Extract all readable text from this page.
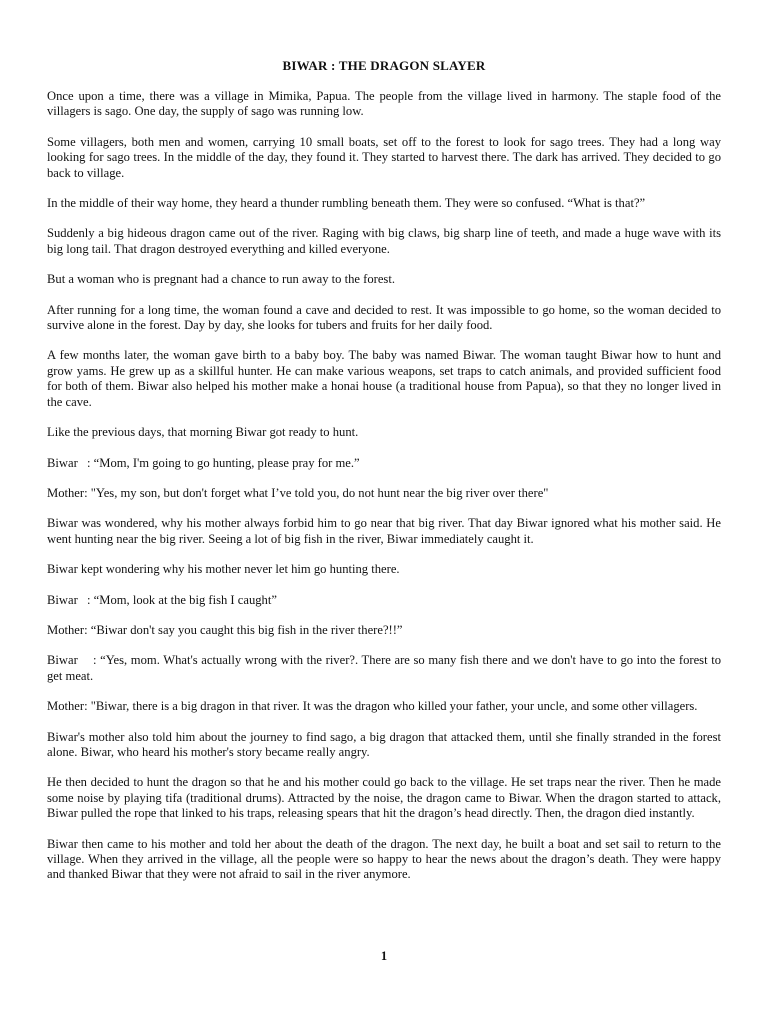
BIWAR : THE DRAGON SLAYER

Once upon a time, there was a village in Mimika, Papua. The people from the village lived in harmony. The staple food of the villagers is sago. One day, the supply of sago was running low.

Some villagers, both men and women, carrying 10 small boats, set off to the forest to look for sago trees. They had a long way looking for sago trees. In the middle of the day, they found it. They started to harvest there. The dark has arrived. They decided to go back to village.

In the middle of their way home, they heard a thunder rumbling beneath them. They were so confused. “What is that?”

Suddenly a big hideous dragon came out of the river. Raging with big claws, big sharp line of teeth, and made a huge wave with its big long tail. That dragon destroyed everything and killed everyone.

But a woman who is pregnant had a chance to run away to the forest.

After running for a long time, the woman found a cave and decided to rest. It was impossible to go home, so the woman decided to survive alone in the forest. Day by day, she looks for tubers and fruits for her daily food.

A few months later, the woman gave birth to a baby boy. The baby was named Biwar. The woman taught Biwar how to hunt and grow yams. He grew up as a skillful hunter. He can make various weapons, set traps to catch animals, and provided sufficient food for both of them. Biwar also helped his mother make a honai house (a traditional house from Papua), so that they no longer lived in the cave.

Like the previous days, that morning Biwar got ready to hunt.

Biwar : “Mom, I'm going to go hunting, please pray for me.”

Mother: "Yes, my son, but don't forget what I’ve told you, do not hunt near the big river over there"

Biwar was wondered, why his mother always forbid him to go near that big river. That day Biwar ignored what his mother said. He went hunting near the big river. Seeing a lot of big fish in the river, Biwar immediately caught it.

Biwar kept wondering why his mother never let him go hunting there.

Biwar : “Mom, look at the big fish I caught”

Mother: “Biwar don't say you caught this big fish in the river there?!!”

Biwar : “Yes, mom. What's actually wrong with the river?. There are so many fish there and we don't have to go into the forest to get meat.

Mother: "Biwar, there is a big dragon in that river. It was the dragon who killed your father, your uncle, and some other villagers.

Biwar's mother also told him about the journey to find sago, a big dragon that attacked them, until she finally stranded in the forest alone. Biwar, who heard his mother's story became really angry.

He then decided to hunt the dragon so that he and his mother could go back to the village. He set traps near the river. Then he made some noise by playing tifa (traditional drums). Attracted by the noise, the dragon came to Biwar. When the dragon started to attack, Biwar pulled the rope that linked to his traps, releasing spears that hit the dragon’s head directly. Then, the dragon died instantly.

Biwar then came to his mother and told her about the death of the dragon. The next day, he built a boat and set sail to return to the village. When they arrived in the village, all the people were so happy to hear the news about the dragon’s death. They were happy and thanked Biwar that they were not afraid to sail in the river anymore.

1
